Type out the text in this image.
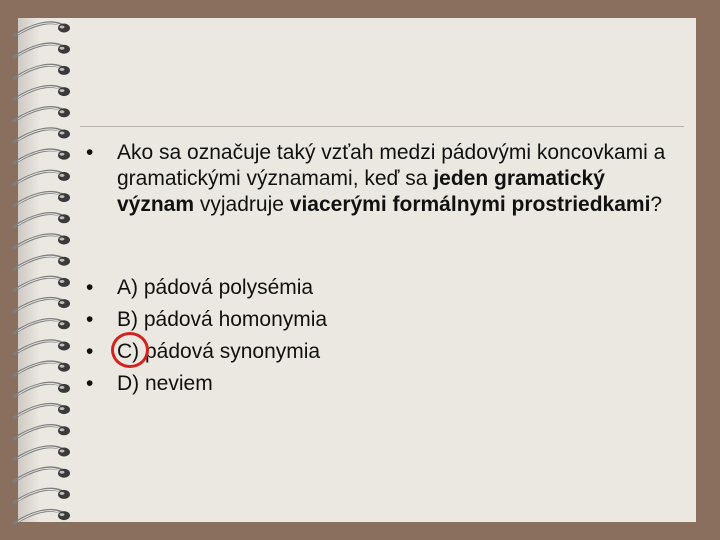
•	Ako sa označuje taký vzťah medzi pádovými koncovkami a gramatickými významami, keď sa jeden gramatický význam vyjadruje viacerými formálnymi prostriedkami?
•	A) pádová polysémia
•	B) pádová homonymia
•	C) pádová synonymia
•	D) neviem
